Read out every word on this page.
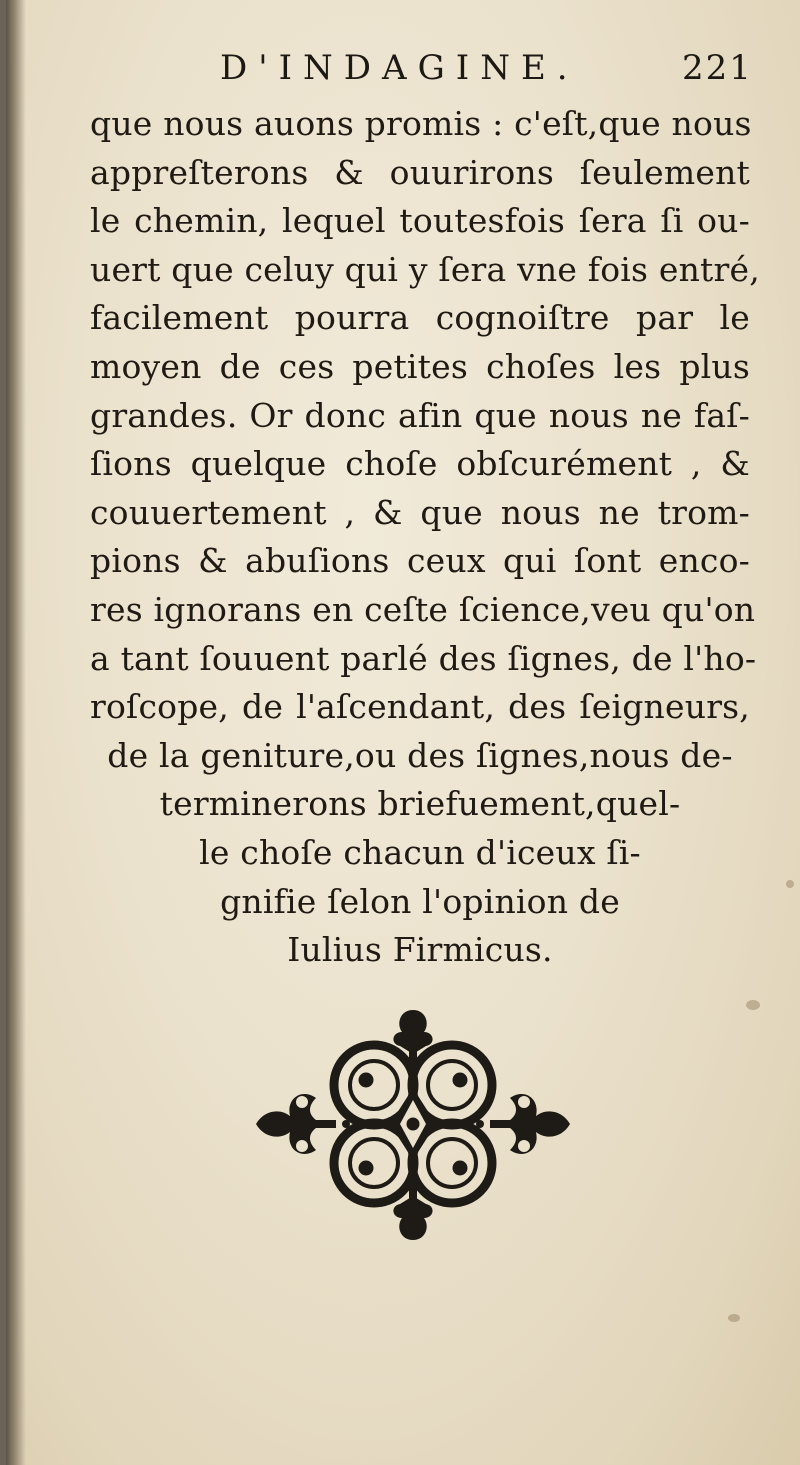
D'INDAGINE.	221
que nous auons promis : c'eſt,que nous
appreſterons & ouurirons ſeulement
le chemin, lequel toutesfois ſera ſi ou-
uert que celuy qui y ſera vne fois entré,
facilement pourra cognoiſtre par le
moyen de ces petites choſes les plus
grandes. Or donc afin que nous ne faſ-
ſions quelque choſe obſcurément , &
couuertement , & que nous ne trom-
pions & abuſions ceux qui ſont enco-
res ignorans en ceſte ſcience,veu qu'on
a tant ſouuent parlé des ſignes, de l'ho-
roſcope, de l'aſcendant, des ſeigneurs,
de la geniture,ou des ſignes,nous de-
terminerons briefuement,quel-
le choſe chacun d'iceux ſi-
gnifie ſelon l'opinion de
Iulius Firmicus.
